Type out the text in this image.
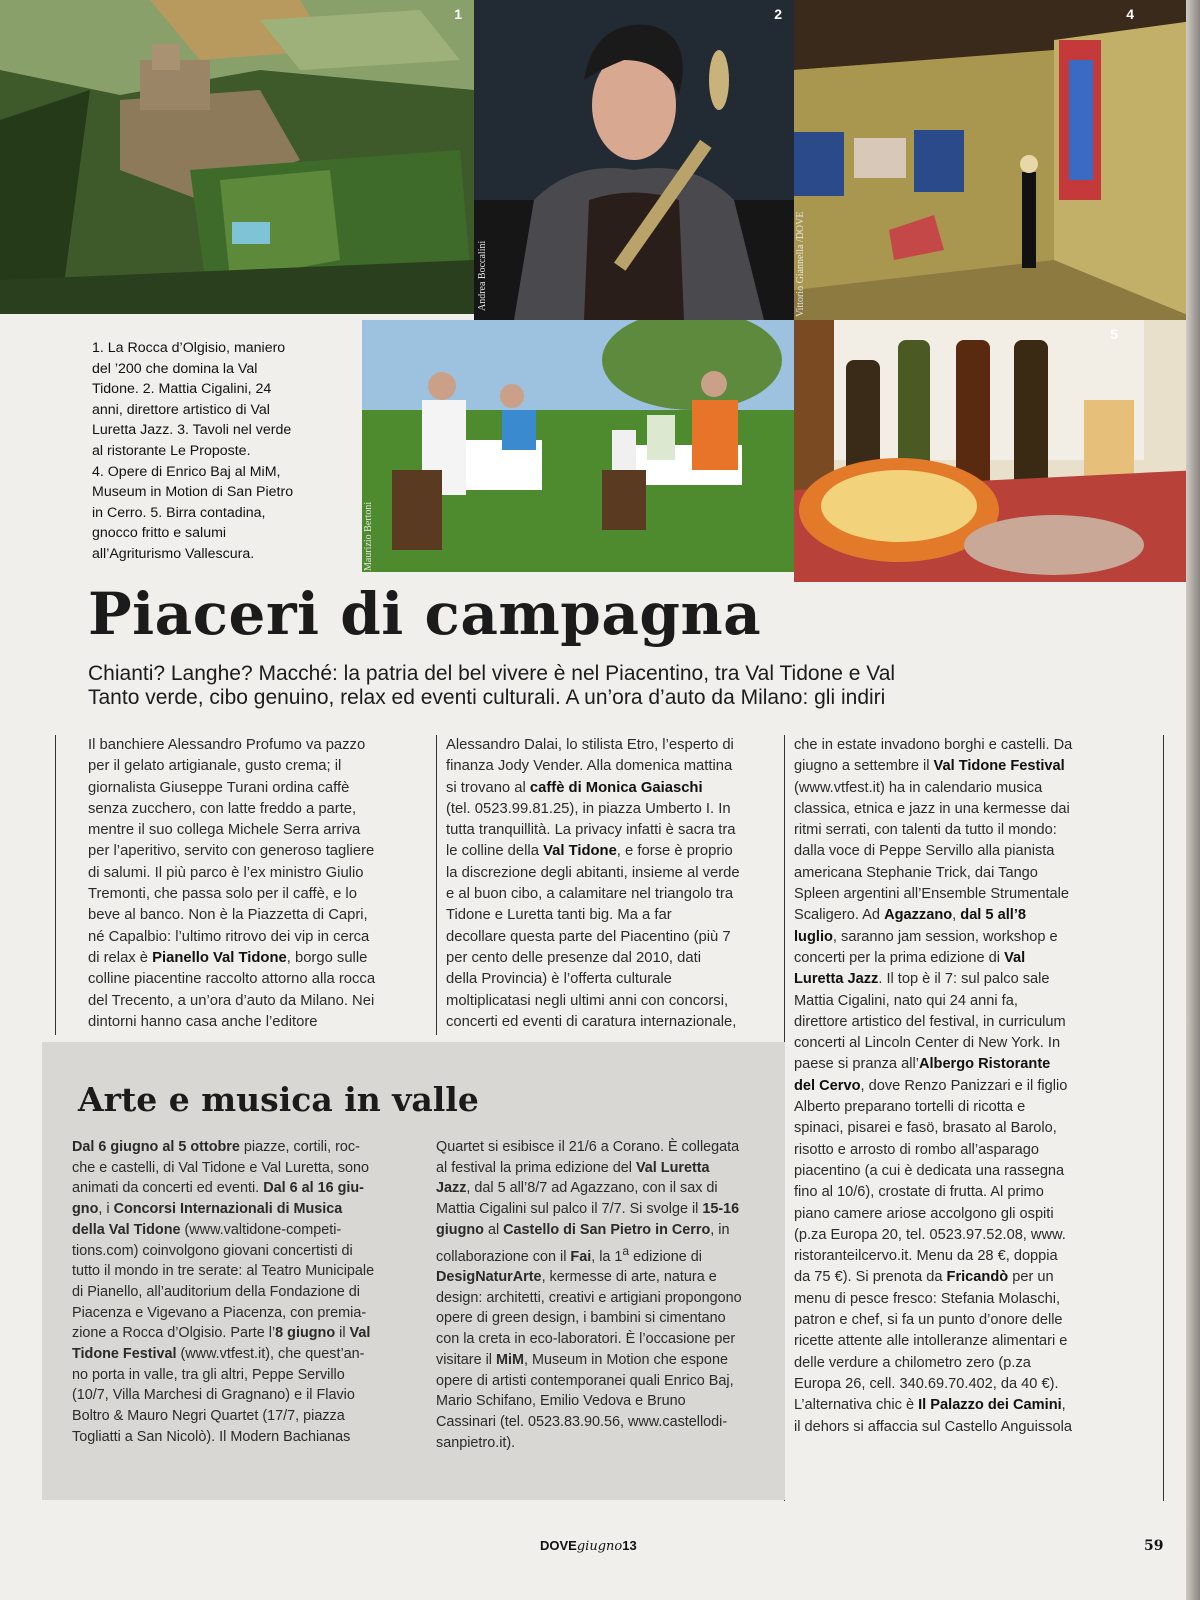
1	2
Andrea Boccalini
4
Vittorio Giannella /DOVE
Maurizio Bertoni
5

1. La Rocca d’Olgisio, maniero

del ’200 che domina la Val

Tidone. 2. Mattia Cigalini, 24

anni, direttore artistico di Val

Luretta Jazz. 3. Tavoli nel verde

al ristorante Le Proposte.

4. Opere di Enrico Baj al MiM,

Museum in Motion di San Pietro

in Cerro. 5. Birra contadina,

gnocco fritto e salumi

all’Agriturismo Vallescura.

Piaceri di campagna

Chianti? Langhe? Macché: la patria del bel vivere è nel Piacentino, tra Val Tidone e Val

Tanto verde, cibo genuino, relax ed eventi culturali. A un’ora d’auto da Milano: gli indiri

Il banchiere Alessandro Profumo va pazzo

per il gelato artigianale, gusto crema; il

giornalista Giuseppe Turani ordina caffè

senza zucchero, con latte freddo a parte,

mentre il suo collega Michele Serra arriva

per l’aperitivo, servito con generoso tagliere

di salumi. Il più parco è l’ex ministro Giulio

Tremonti, che passa solo per il caffè, e lo

beve al banco. Non è la Piazzetta di Capri,

né Capalbio: l’ultimo ritrovo dei vip in cerca

di relax è Pianello Val Tidone, borgo sulle

colline piacentine raccolto attorno alla rocca

del Trecento, a un’ora d’auto da Milano. Nei

dintorni hanno casa anche l’editore

Alessandro Dalai, lo stilista Etro, l’esperto di

finanza Jody Vender. Alla domenica mattina

si trovano al caffè di Monica Gaiaschi

(tel. 0523.99.81.25), in piazza Umberto I. In

tutta tranquillità. La privacy infatti è sacra tra

le colline della Val Tidone, e forse è proprio

la discrezione degli abitanti, insieme al verde

e al buon cibo, a calamitare nel triangolo tra

Tidone e Luretta tanti big. Ma a far

decollare questa parte del Piacentino (più 7

per cento delle presenze dal 2010, dati

della Provincia) è l’offerta culturale

moltiplicatasi negli ultimi anni con concorsi,

concerti ed eventi di caratura internazionale,

che in estate invadono borghi e castelli. Da

giugno a settembre il Val Tidone Festival

(www.vtfest.it) ha in calendario musica

classica, etnica e jazz in una kermesse dai

ritmi serrati, con talenti da tutto il mondo:

dalla voce di Peppe Servillo alla pianista

americana Stephanie Trick, dai Tango

Spleen argentini all’Ensemble Strumentale

Scaligero. Ad Agazzano, dal 5 all’8

luglio, saranno jam session, workshop e

concerti per la prima edizione di Val

Luretta Jazz. Il top è il 7: sul palco sale

Mattia Cigalini, nato qui 24 anni fa,

direttore artistico del festival, in curriculum

concerti al Lincoln Center di New York. In

paese si pranza all’Albergo Ristorante

del Cervo, dove Renzo Panizzari e il figlio

Alberto preparano tortelli di ricotta e

spinaci, pisarei e fasö, brasato al Barolo,

risotto e arrosto di rombo all’asparago

piacentino (a cui è dedicata una rassegna

fino al 10/6), crostate di frutta. Al primo

piano camere ariose accolgono gli ospiti

(p.za Europa 20, tel. 0523.97.52.08, www.

ristoranteilcervo.it. Menu da 28 €, doppia

da 75 €). Si prenota da Fricandò per un

menu di pesce fresco: Stefania Molaschi,

patron e chef, si fa un punto d’onore delle

ricette attente alle intolleranze alimentari e

delle verdure a chilometro zero (p.za

Europa 26, cell. 340.69.70.402, da 40 €).

L’alternativa chic è Il Palazzo dei Camini,

il dehors si affaccia sul Castello Anguissola

Arte e musica in valle

Dal 6 giugno al 5 ottobre piazze, cortili, roc-

che e castelli, di Val Tidone e Val Luretta, sono

animati da concerti ed eventi. Dal 6 al 16 giu-

gno, i Concorsi Internazionali di Musica

della Val Tidone (www.valtidone-competi-

tions.com) coinvolgono giovani concertisti di

tutto il mondo in tre serate: al Teatro Municipale

di Pianello, all’auditorium della Fondazione di

Piacenza e Vigevano a Piacenza, con premia-

zione a Rocca d’Olgisio. Parte l’8 giugno il Val

Tidone Festival (www.vtfest.it), che quest’an-

no porta in valle, tra gli altri, Peppe Servillo

(10/7, Villa Marchesi di Gragnano) e il Flavio

Boltro & Mauro Negri Quartet (17/7, piazza

Togliatti a San Nicolò). Il Modern Bachianas

Quartet si esibisce il 21/6 a Corano. È collegata

al festival la prima edizione del Val Luretta

Jazz, dal 5 all’8/7 ad Agazzano, con il sax di

Mattia Cigalini sul palco il 7/7. Si svolge il 15-16

giugno al Castello di San Pietro in Cerro, in

collaborazione con il Fai, la 1$^a$ edizione di

DesigNaturArte, kermesse di arte, natura e

design: architetti, creativi e artigiani propongono

opere di green design, i bambini si cimentano

con la creta in eco-laboratori. È l’occasione per

visitare il MiM, Museum in Motion che espone

opere di artisti contemporanei quali Enrico Baj,

Mario Schifano, Emilio Vedova e Bruno

Cassinari (tel. 0523.83.90.56, www.castellodi-

sanpietro.it).

DOVEgiugno13	59
